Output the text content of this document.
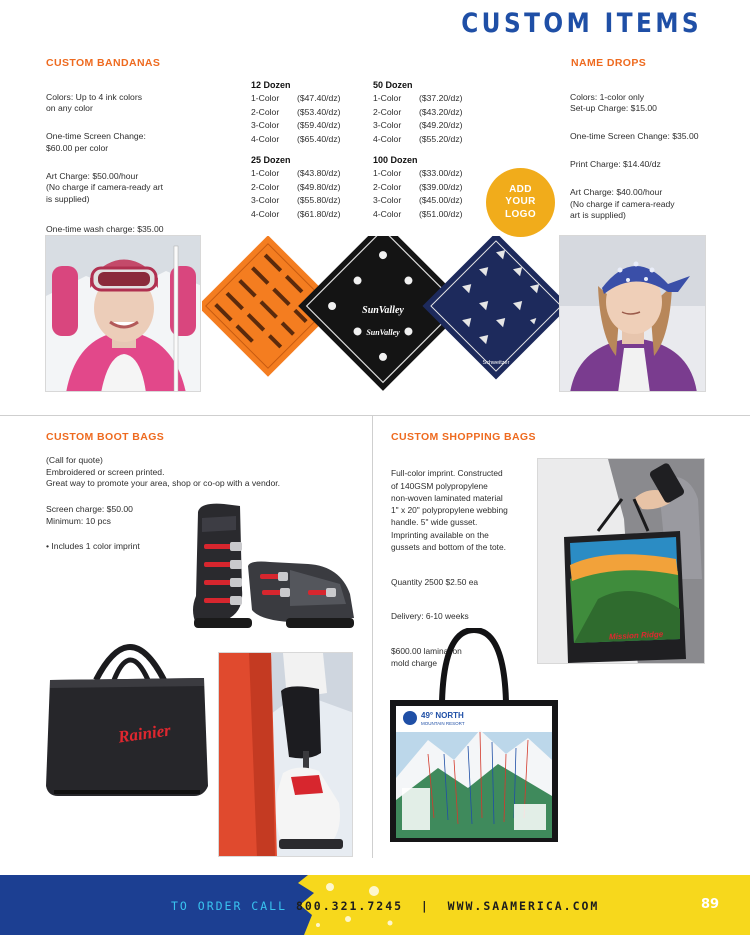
CUSTOM ITEMS
CUSTOM BANDANAS

Colors: Up to 4 ink colors
on any color

One-time Screen Change:
$60.00 per color

Art Charge: $50.00/hour
(No charge if camera-ready art
is supplied)

One-time wash charge: $35.00

12 Dozen
1-Color	($47.40/dz)
2-Color	($53.40/dz)
3-Color	($59.40/dz)
4-Color	($65.40/dz)
50 Dozen
1-Color	($37.20/dz)
2-Color	($43.20/dz)
3-Color	($49.20/dz)
4-Color	($55.20/dz)
25 Dozen
1-Color	($43.80/dz)
2-Color	($49.80/dz)
3-Color	($55.80/dz)
4-Color	($61.80/dz)
100 Dozen
1-Color	($33.00/dz)
2-Color	($39.00/dz)
3-Color	($45.00/dz)
4-Color	($51.00/dz)
ADD
YOUR
LOGO
NAME DROPS

Colors: 1-color only
Set-up Charge: $15.00

One-time Screen Change: $35.00

Print Charge: $14.40/dz

Art Charge: $40.00/hour
(No charge if camera-ready
art is supplied)

SunValley
SunValley
Schweitzer
CUSTOM BOOT BAGS
(Call for quote)
Embroidered or screen printed.
Great way to promote your area, shop or co-op with a vendor.
Screen charge: $50.00
Minimum: 10 pcs
• Includes 1 color imprint
Rainier
CUSTOM SHOPPING BAGS

Full-color imprint. Constructed
of 140GSM polypropylene
non-woven laminated material
1" x 20" polypropylene webbing
handle. 5" wide gusset.
Imprinting available on the
gussets and bottom of the tote.

Quantity 2500 $2.50 ea

Delivery: 6-10 weeks

$600.00 lamination
mold charge

Mission Ridge
49° NORTH
MOUNTAIN RESORT
TO ORDER CALL 800.321.7245  |  WWW.SAAMERICA.COM	89
